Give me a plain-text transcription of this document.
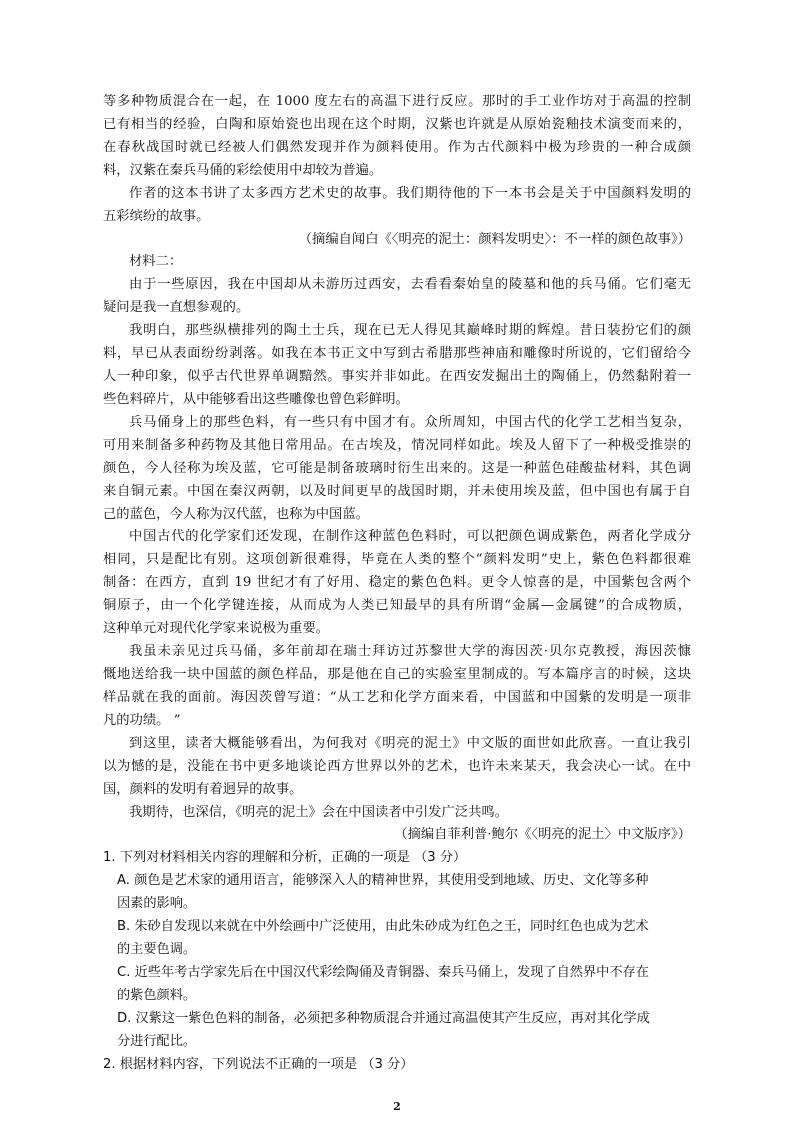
等多种物质混合在一起，在 1000 度左右的高温下进行反应。那时的手工业作坊对于高温的控制
已有相当的经验，白陶和原始瓷也出现在这个时期，汉紫也许就是从原始瓷釉技术演变而来的，
在春秋战国时就已经被人们偶然发现并作为颜料使用。作为古代颜料中极为珍贵的一种合成颜
料，汉紫在秦兵马俑的彩绘使用中却较为普遍。
作者的这本书讲了太多西方艺术史的故事。我们期待他的下一本书会是关于中国颜料发明的
五彩缤纷的故事。
（摘编自闻白《〈明亮的泥土：颜料发明史〉：不一样的颜色故事》）
材料二：
由于一些原因，我在中国却从未游历过西安，去看看秦始皇的陵墓和他的兵马俑。它们毫无
疑问是我一直想参观的。
我明白，那些纵横排列的陶土士兵，现在已无人得见其巅峰时期的辉煌。昔日装扮它们的颜
料，早已从表面纷纷剥落。如我在本书正文中写到古希腊那些神庙和雕像时所说的，它们留给今
人一种印象，似乎古代世界单调黯然。事实并非如此。在西安发掘出土的陶俑上，仍然黏附着一
些色料碎片，从中能够看出这些雕像也曾色彩鲜明。
兵马俑身上的那些色料，有一些只有中国才有。众所周知，中国古代的化学工艺相当复杂，
可用来制备多种药物及其他日常用品。在古埃及，情况同样如此。埃及人留下了一种极受推崇的
颜色，今人径称为埃及蓝，它可能是制备玻璃时衍生出来的。这是一种蓝色硅酸盐材料，其色调
来自铜元素。中国在秦汉两朝，以及时间更早的战国时期，并未使用埃及蓝，但中国也有属于自
己的蓝色，今人称为汉代蓝，也称为中国蓝。
中国古代的化学家们还发现，在制作这种蓝色色料时，可以把颜色调成紫色，两者化学成分
相同，只是配比有别。这项创新很难得，毕竟在人类的整个“颜料发明”史上，紫色色料都很难
制备：在西方，直到 19 世纪才有了好用、稳定的紫色色料。更令人惊喜的是，中国紫包含两个
铜原子，由一个化学键连接，从而成为人类已知最早的具有所谓“金属—金属键”的合成物质，
这种单元对现代化学家来说极为重要。
我虽未亲见过兵马俑，多年前却在瑞士拜访过苏黎世大学的海因茨·贝尔克教授，海因茨慷
慨地送给我一块中国蓝的颜色样品，那是他在自己的实验室里制成的。写本篇序言的时候，这块
样品就在我的面前。海因茨曾写道：“从工艺和化学方面来看，中国蓝和中国紫的发明是一项非
凡的功绩。 ”
到这里，读者大概能够看出，为何我对《明亮的泥土》中文版的面世如此欣喜。一直让我引
以为憾的是，没能在书中更多地谈论西方世界以外的艺术，也许未来某天，我会决心一试。在中
国，颜料的发明有着迥异的故事。
我期待，也深信，《明亮的泥土》会在中国读者中引发广泛共鸣。
（摘编自菲利普·鲍尔《〈明亮的泥土〉中文版序》）
1. 下列对材料相关内容的理解和分析，正确的一项是 （3 分）
A. 颜色是艺术家的通用语言，能够深入人的精神世界，其使用受到地域、历史、文化等多种
因素的影响。
B. 朱砂自发现以来就在中外绘画中广泛使用，由此朱砂成为红色之王，同时红色也成为艺术
的主要色调。
C. 近些年考古学家先后在中国汉代彩绘陶俑及青铜器、秦兵马俑上，发现了自然界中不存在
的紫色颜料。
D. 汉紫这一紫色色料的制备，必须把多种物质混合并通过高温使其产生反应，再对其化学成
分进行配比。
2. 根据材料内容，下列说法不正确的一项是 （3 分）
2
